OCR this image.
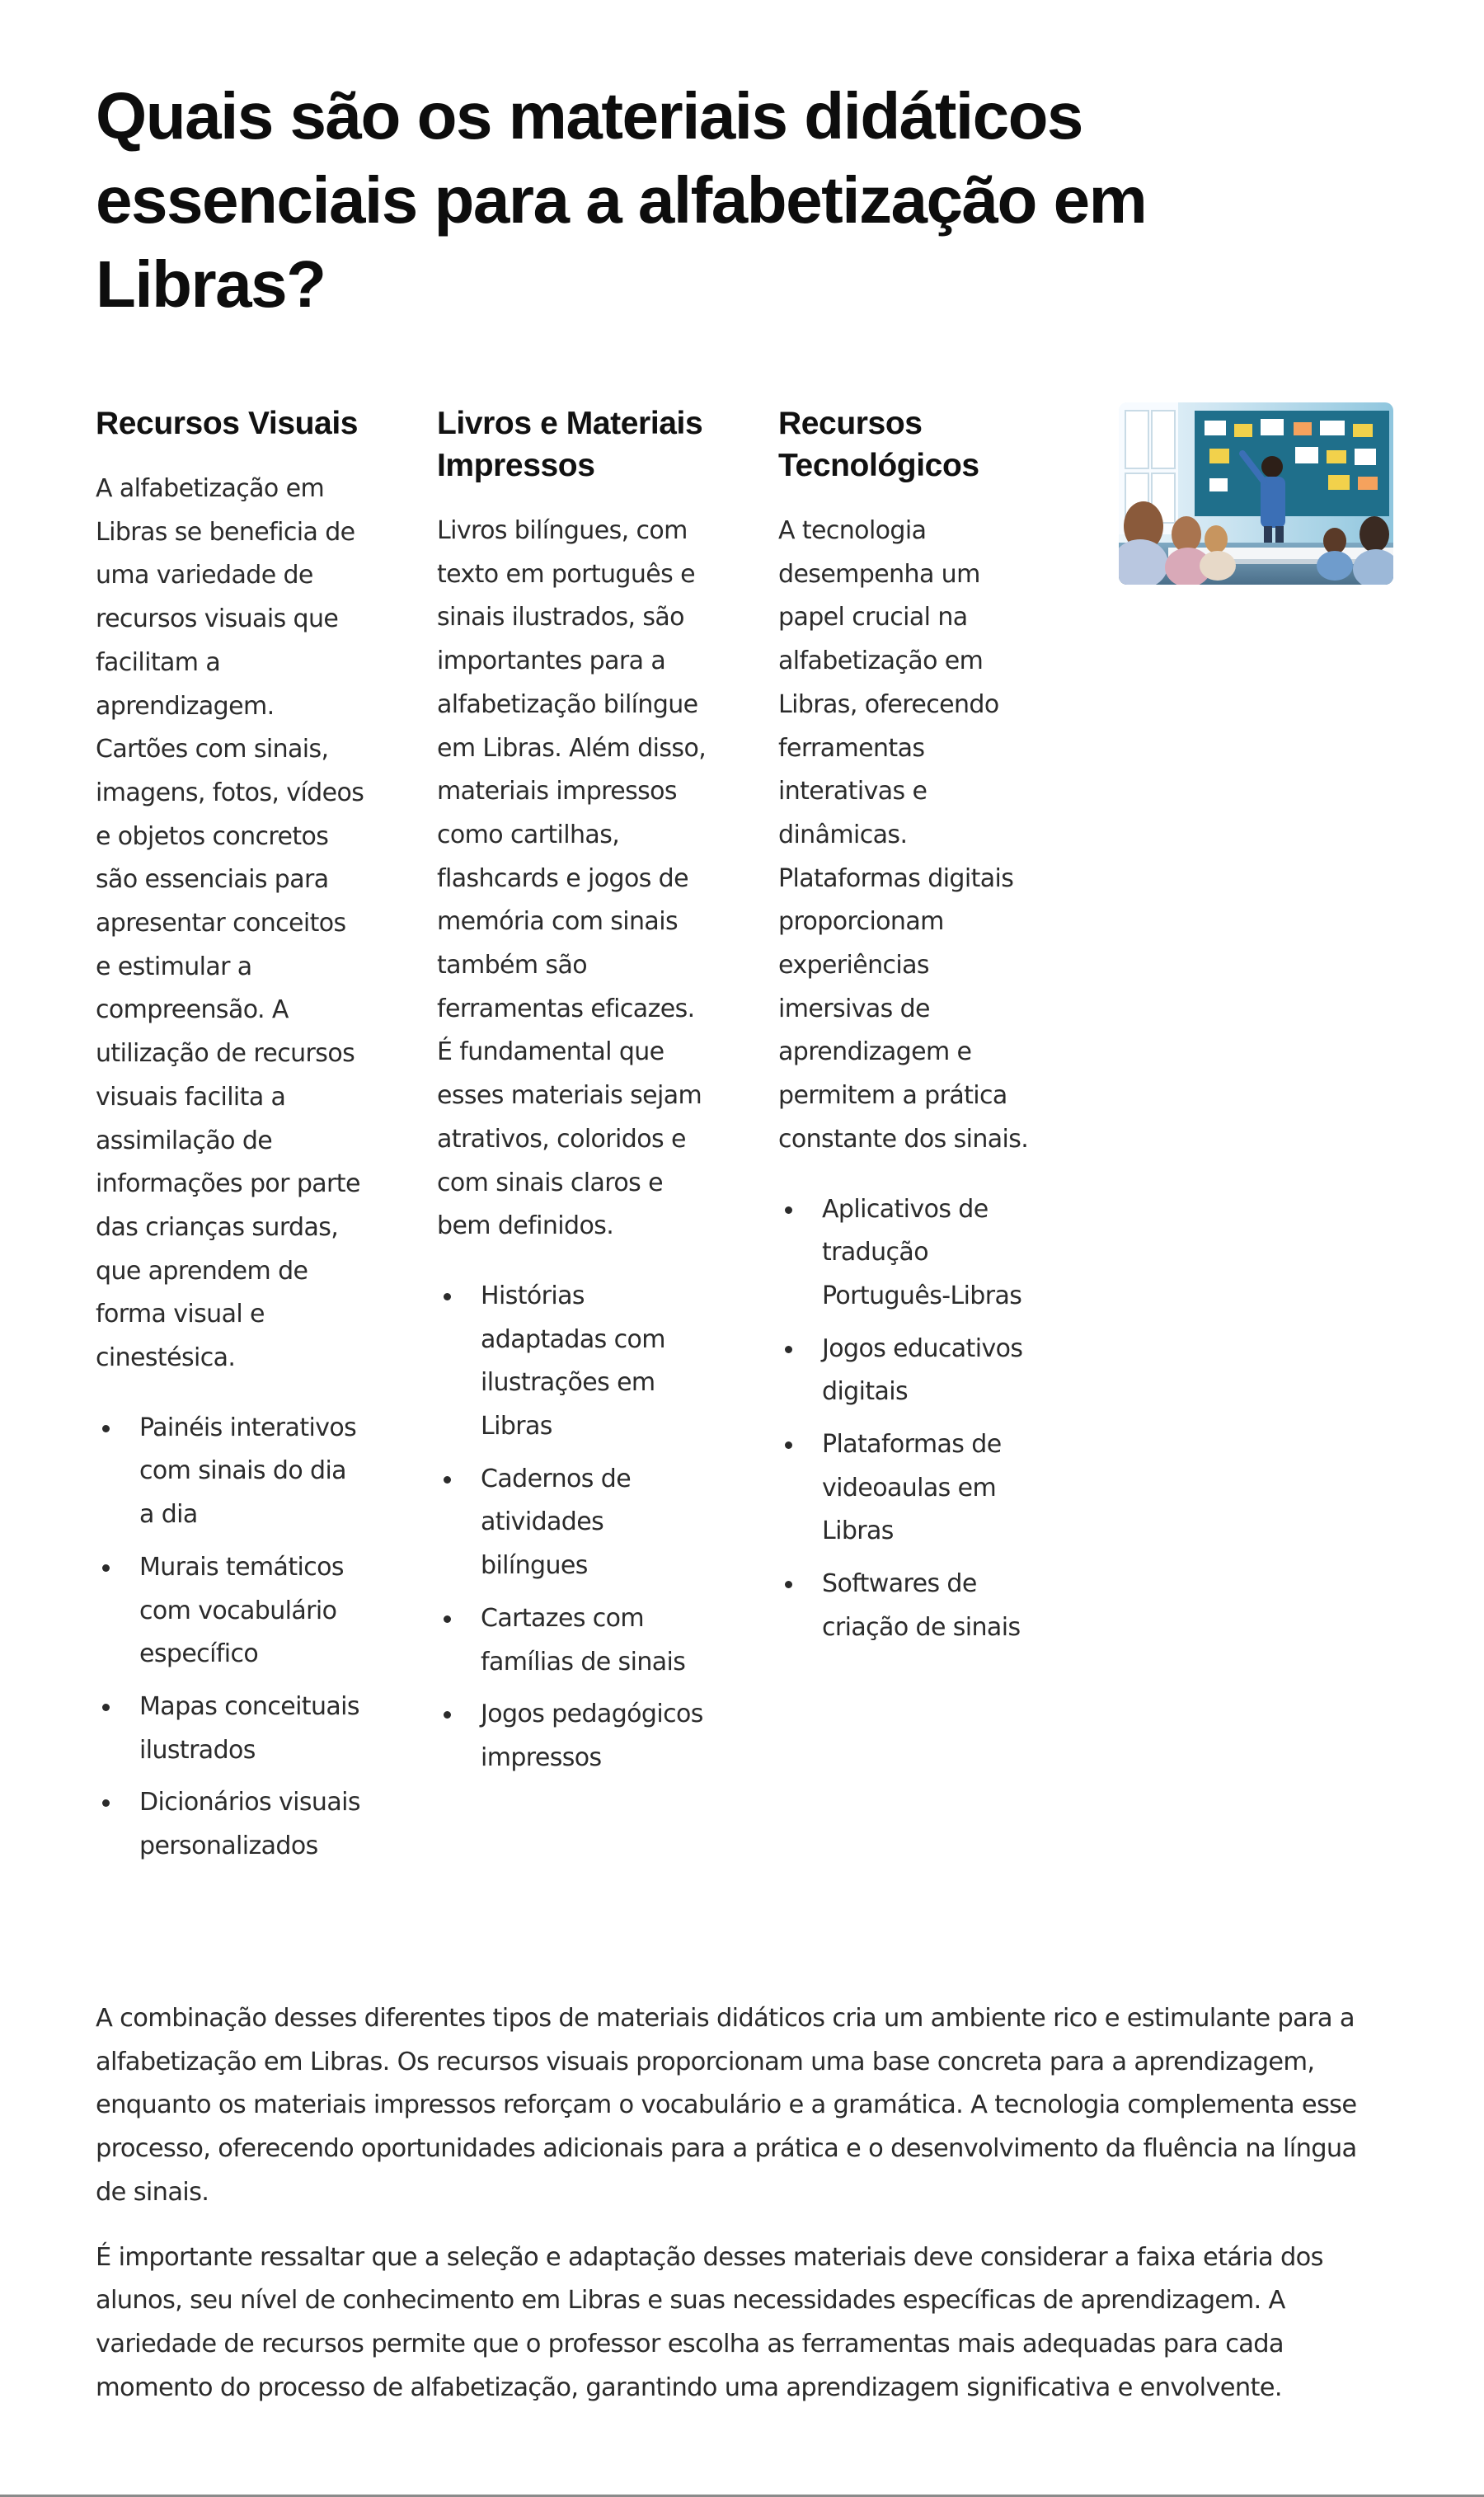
Quais são os materiais didáticos essenciais para a alfabetização em Libras?
Recursos Visuais

A alfabetização em Libras se beneficia de uma variedade de recursos visuais que facilitam a aprendizagem. Cartões com sinais, imagens, fotos, vídeos e objetos concretos são essenciais para apresentar conceitos e estimular a compreensão. A utilização de recursos visuais facilita a assimilação de informações por parte das crianças surdas, que aprendem de forma visual e cinestésica.

Painéis interativos com sinais do dia a dia
Murais temáticos com vocabulário específico
Mapas conceituais ilustrados
Dicionários visuais personalizados
Livros e Materiais Impressos

Livros bilíngues, com texto em português e sinais ilustrados, são importantes para a alfabetização bilíngue em Libras. Além disso, materiais impressos como cartilhas, flashcards e jogos de memória com sinais também são ferramentas eficazes. É fundamental que esses materiais sejam atrativos, coloridos e com sinais claros e bem definidos.

Histórias adaptadas com ilustrações em Libras
Cadernos de atividades bilíngues
Cartazes com famílias de sinais
Jogos pedagógicos impressos
Recursos Tecnológicos

A tecnologia desempenha um papel crucial na alfabetização em Libras, oferecendo ferramentas interativas e dinâmicas. Plataformas digitais proporcionam experiências imersivas de aprendizagem e permitem a prática constante dos sinais.

Aplicativos de tradução Português-Libras
Jogos educativos digitais
Plataformas de videoaulas em Libras
Softwares de criação de sinais

A combinação desses diferentes tipos de materiais didáticos cria um ambiente rico e estimulante para a alfabetização em Libras. Os recursos visuais proporcionam uma base concreta para a aprendizagem, enquanto os materiais impressos reforçam o vocabulário e a gramática. A tecnologia complementa esse processo, oferecendo oportunidades adicionais para a prática e o desenvolvimento da fluência na língua de sinais.

É importante ressaltar que a seleção e adaptação desses materiais deve considerar a faixa etária dos alunos, seu nível de conhecimento em Libras e suas necessidades específicas de aprendizagem. A variedade de recursos permite que o professor escolha as ferramentas mais adequadas para cada momento do processo de alfabetização, garantindo uma aprendizagem significativa e envolvente.
